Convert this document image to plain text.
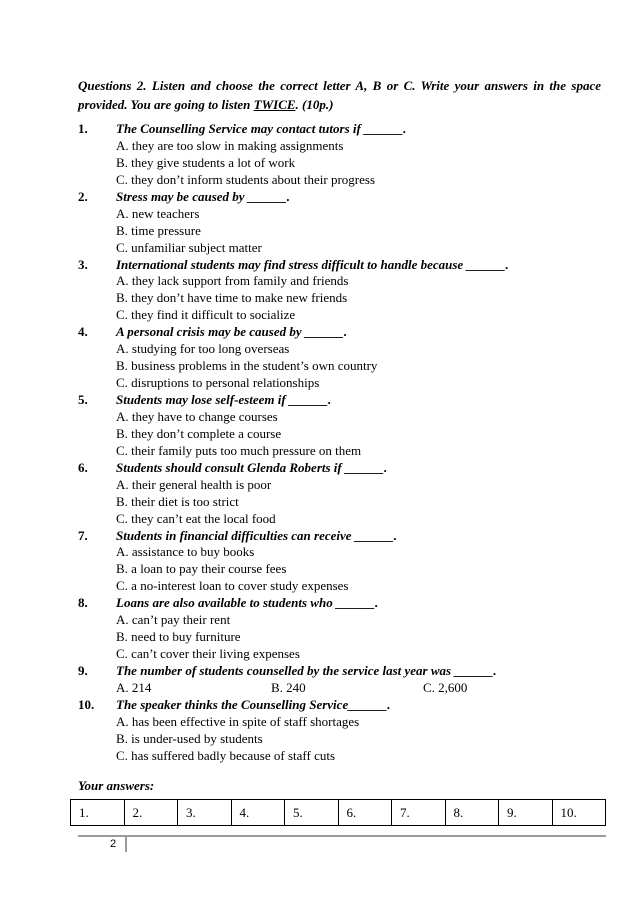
Questions 2. Listen and choose the correct letter A, B or C. Write your answers in the space provided. You are going to listen TWICE. (10p.)
1. The Counselling Service may contact tutors if ______.
A. they are too slow in making assignments
B. they give students a lot of work
C. they don’t inform students about their progress
2. Stress may be caused by ______.
A. new teachers
B. time pressure
C. unfamiliar subject matter
3. International students may find stress difficult to handle because ______.
A. they lack support from family and friends
B. they don’t have time to make new friends
C. they find it difficult to socialize
4. A personal crisis may be caused by ______.
A. studying for too long overseas
B. business problems in the student’s own country
C. disruptions to personal relationships
5. Students may lose self-esteem if ______.
A. they have to change courses
B. they don’t complete a course
C. their family puts too much pressure on them
6. Students should consult Glenda Roberts if ______.
A. their general health is poor
B. their diet is too strict
C. they can’t eat the local food
7. Students in financial difficulties can receive ______.
A. assistance to buy books
B. a loan to pay their course fees
C. a no-interest loan to cover study expenses
8. Loans are also available to students who ______.
A. can’t pay their rent
B. need to buy furniture
C. can’t cover their living expenses
9. The number of students counselled by the service last year was ______.
A. 214	B. 240	C. 2,600
10. The speaker thinks the Counselling Service______.
A. has been effective in spite of staff shortages
B. is under-used by students
C. has suffered badly because of staff cuts
Your answers:
1.	2.	3.	4.	5.	6.	7.	8.	9.	10.
2
